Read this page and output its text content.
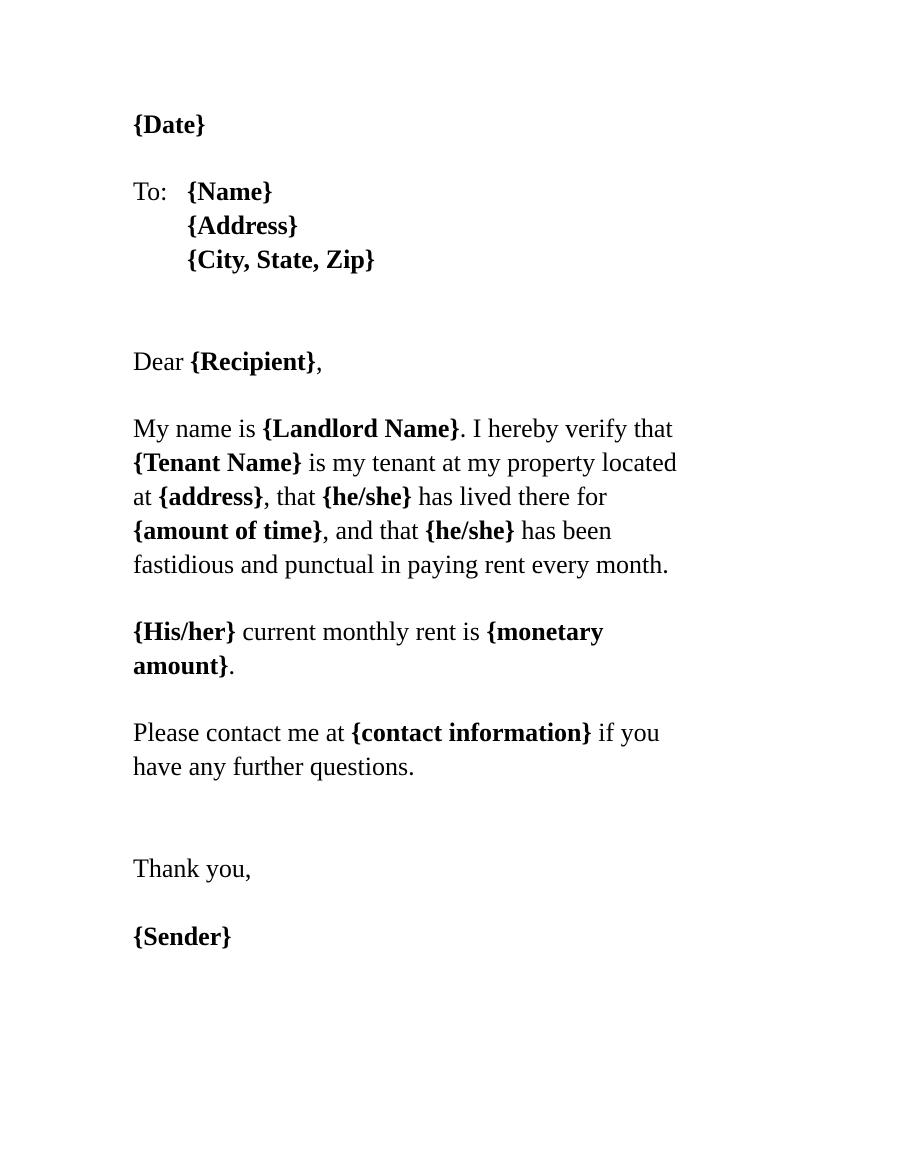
{Date}
To: {Name}
{Address}
{City, State, Zip}
Dear {Recipient},
My name is {Landlord Name}. I hereby verify that
{Tenant Name} is my tenant at my property located
at {address}, that {he/she} has lived there for
{amount of time}, and that {he/she} has been
fastidious and punctual in paying rent every month.
{His/her} current monthly rent is {monetary
amount}.
Please contact me at {contact information} if you
have any further questions.
Thank you,
{Sender}
